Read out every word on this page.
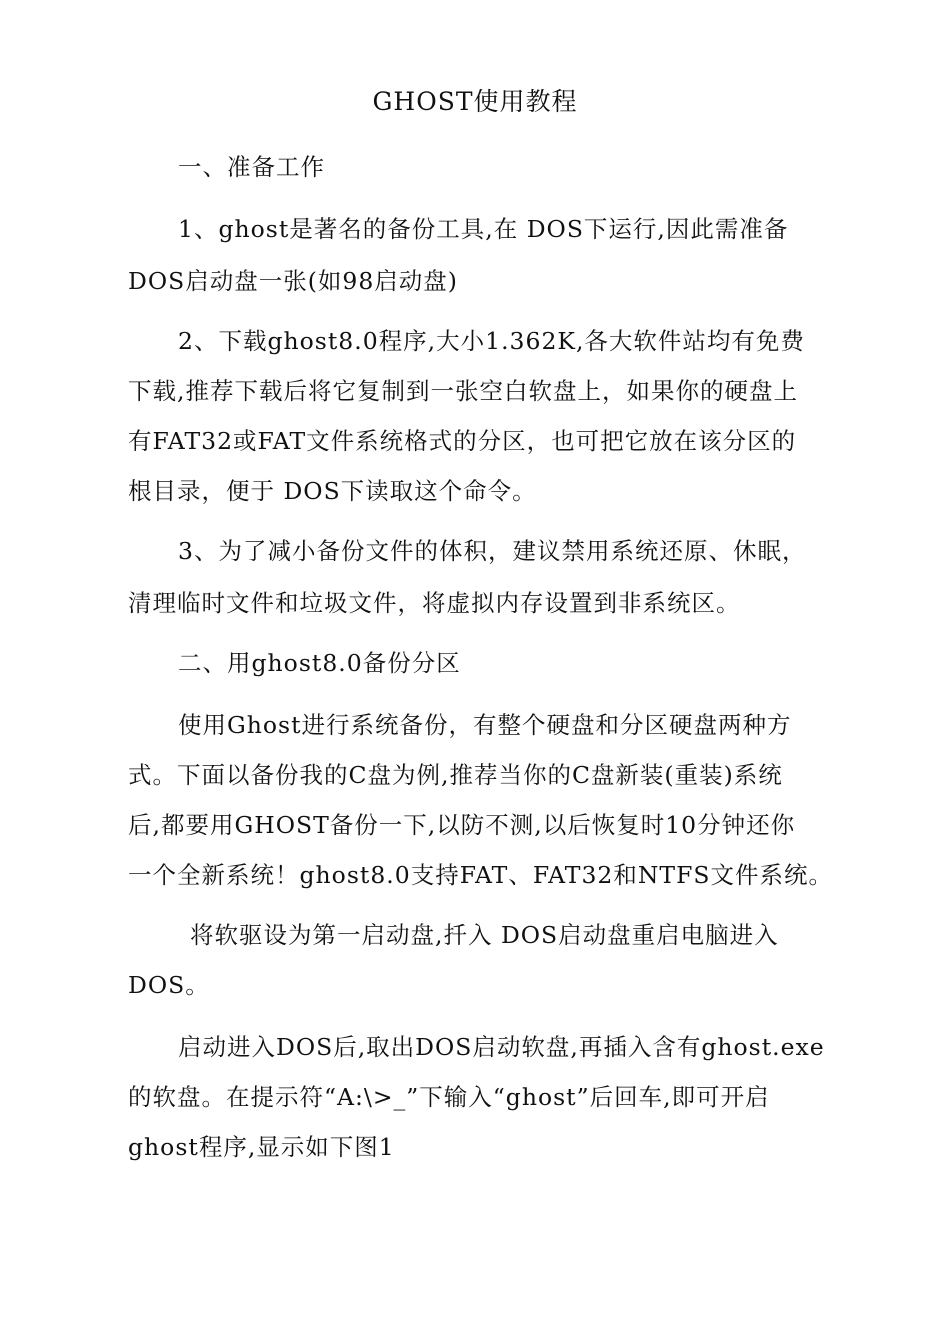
GHOST使用教程
一、准备工作
1、ghost是著名的备份工具,在 DOS下运行,因此需准备
DOS启动盘一张(如98启动盘)
2、下载ghost8.0程序,大小1.362K,各大软件站均有免费
下载,推荐下载后将它复制到一张空白软盘上，如果你的硬盘上
有FAT32或FAT文件系统格式的分区，也可把它放在该分区的
根目录，便于 DOS下读取这个命令。
3、为了减小备份文件的体积，建议禁用系统还原、休眠，
清理临时文件和垃圾文件，将虚拟内存设置到非系统区。
二、用ghost8.0备份分区
使用Ghost进行系统备份，有整个硬盘和分区硬盘两种方
式。下面以备份我的C盘为例,推荐当你的C盘新装(重装)系统
后,都要用GHOST备份一下,以防不测,以后恢复时10分钟还你
一个全新系统！ghost8.0支持FAT、FAT32和NTFS文件系统。
将软驱设为第一启动盘,扦入 DOS启动盘重启电脑进入
DOS。
启动进入DOS后,取出DOS启动软盘,再插入含有ghost.exe
的软盘。在提示符“A:\>_”下输入“ghost”后回车,即可开启
ghost程序,显示如下图1
